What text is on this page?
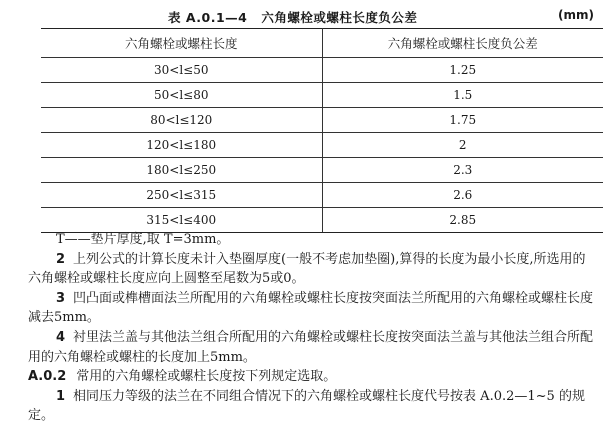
表 A.0.1—4 六角螺栓或螺柱长度负公差	(mm)
六角螺栓或螺柱长度	六角螺栓或螺柱长度负公差
30<l≤50	1.25
50<l≤80	1.5
80<l≤120	1.75
120<l≤180	2
180<l≤250	2.3
250<l≤315	2.6
315<l≤400	2.85

T——垫片厚度,取 T=3mm。

2 上列公式的计算长度未计入垫圈厚度(一般不考虑加垫圈),算得的长度为最小长度,所选用的六角螺栓或螺柱长度应向上圆整至尾数为5或0。

3 凹凸面或榫槽面法兰所配用的六角螺栓或螺柱长度按突面法兰所配用的六角螺栓或螺柱长度减去5mm。

4 衬里法兰盖与其他法兰组合所配用的六角螺栓或螺柱长度按突面法兰盖与其他法兰组合所配用的六角螺栓或螺柱的长度加上5mm。

A.0.2 常用的六角螺栓或螺柱长度按下列规定选取。

1 相同压力等级的法兰在不同组合情况下的六角螺栓或螺柱长度代号按表 A.0.2—1~5 的规定。
